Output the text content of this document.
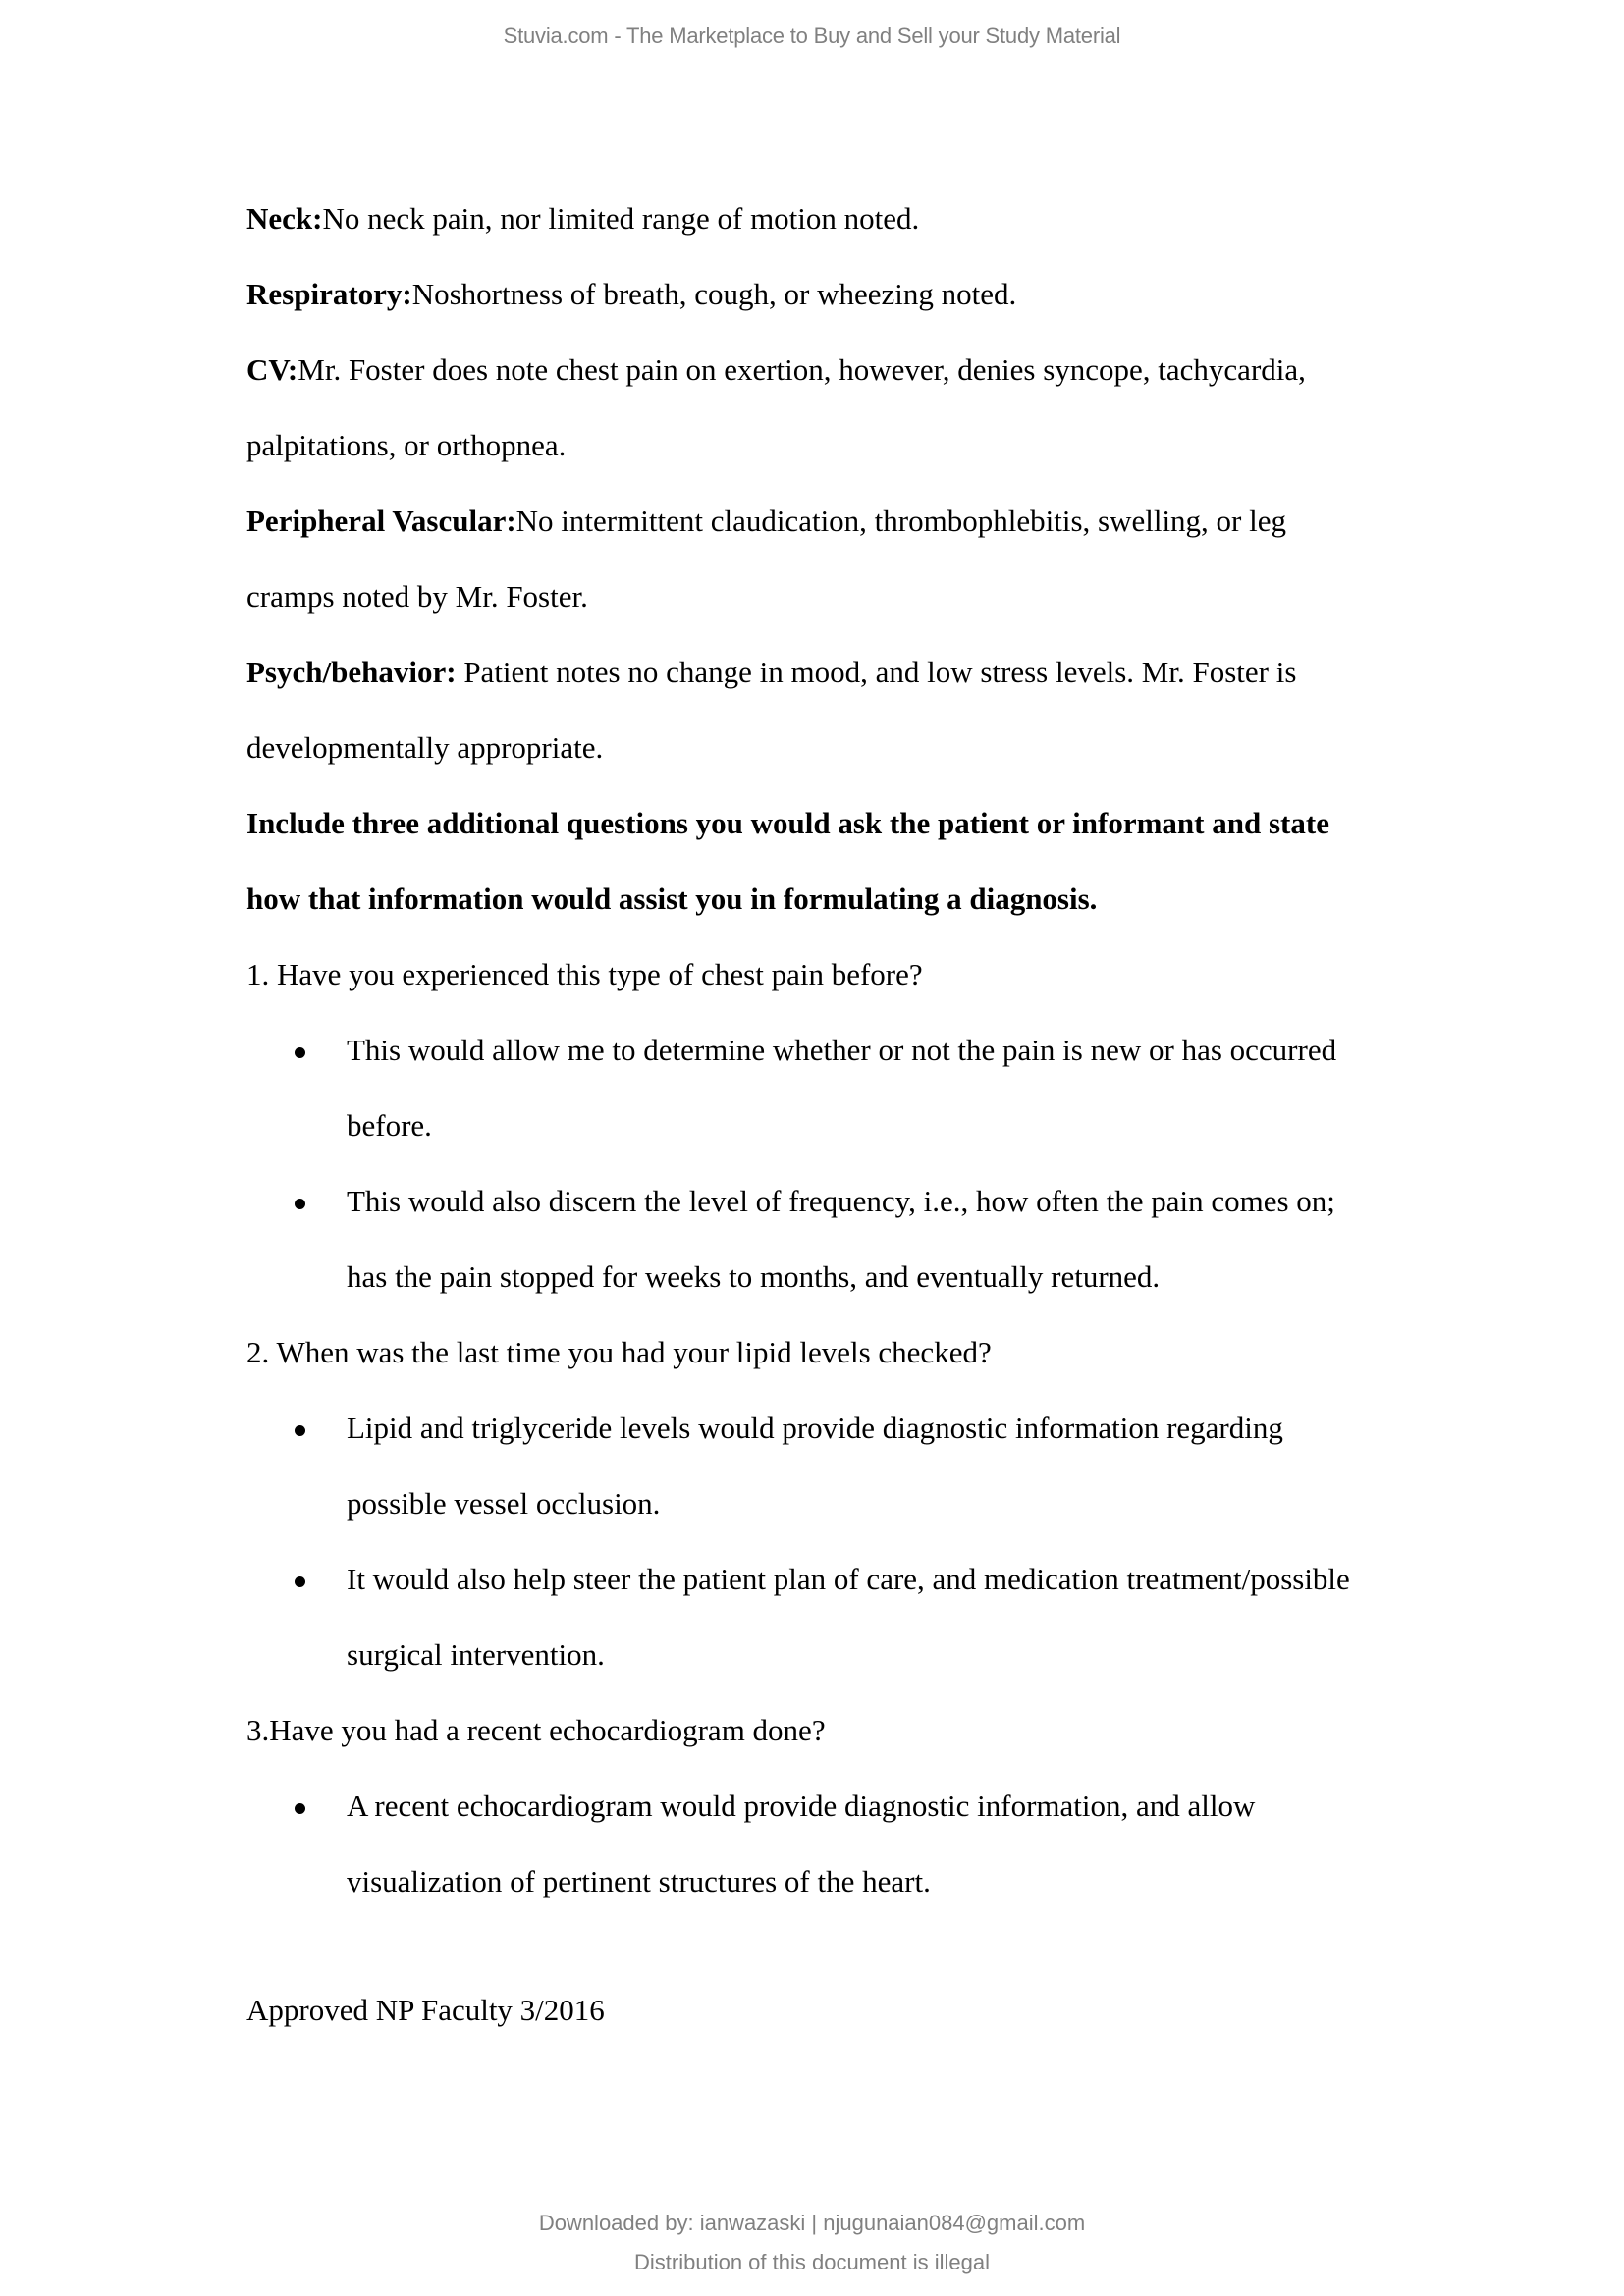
Stuvia.com - The Marketplace to Buy and Sell your Study Material
Neck:No neck pain, nor limited range of motion noted.
Respiratory:Noshortness of breath, cough, or wheezing noted.
CV:Mr. Foster does note chest pain on exertion, however, denies syncope, tachycardia,
palpitations, or orthopnea.
Peripheral Vascular:No intermittent claudication, thrombophlebitis, swelling, or leg
cramps noted by Mr. Foster.
Psych/behavior: Patient notes no change in mood, and low stress levels. Mr. Foster is
developmentally appropriate.
Include three additional questions you would ask the patient or informant and state
how that information would assist you in formulating a diagnosis.
1. Have you experienced this type of chest pain before?
This would allow me to determine whether or not the pain is new or has occurred
before.
This would also discern the level of frequency, i.e., how often the pain comes on;
has the pain stopped for weeks to months, and eventually returned.
2. When was the last time you had your lipid levels checked?
Lipid and triglyceride levels would provide diagnostic information regarding
possible vessel occlusion.
It would also help steer the patient plan of care, and medication treatment/possible
surgical intervention.
3.Have you had a recent echocardiogram done?
A recent echocardiogram would provide diagnostic information, and allow
visualization of pertinent structures of the heart.
Approved NP Faculty 3/2016
Downloaded by: ianwazaski | njugunaian084@gmail.com
Distribution of this document is illegal
